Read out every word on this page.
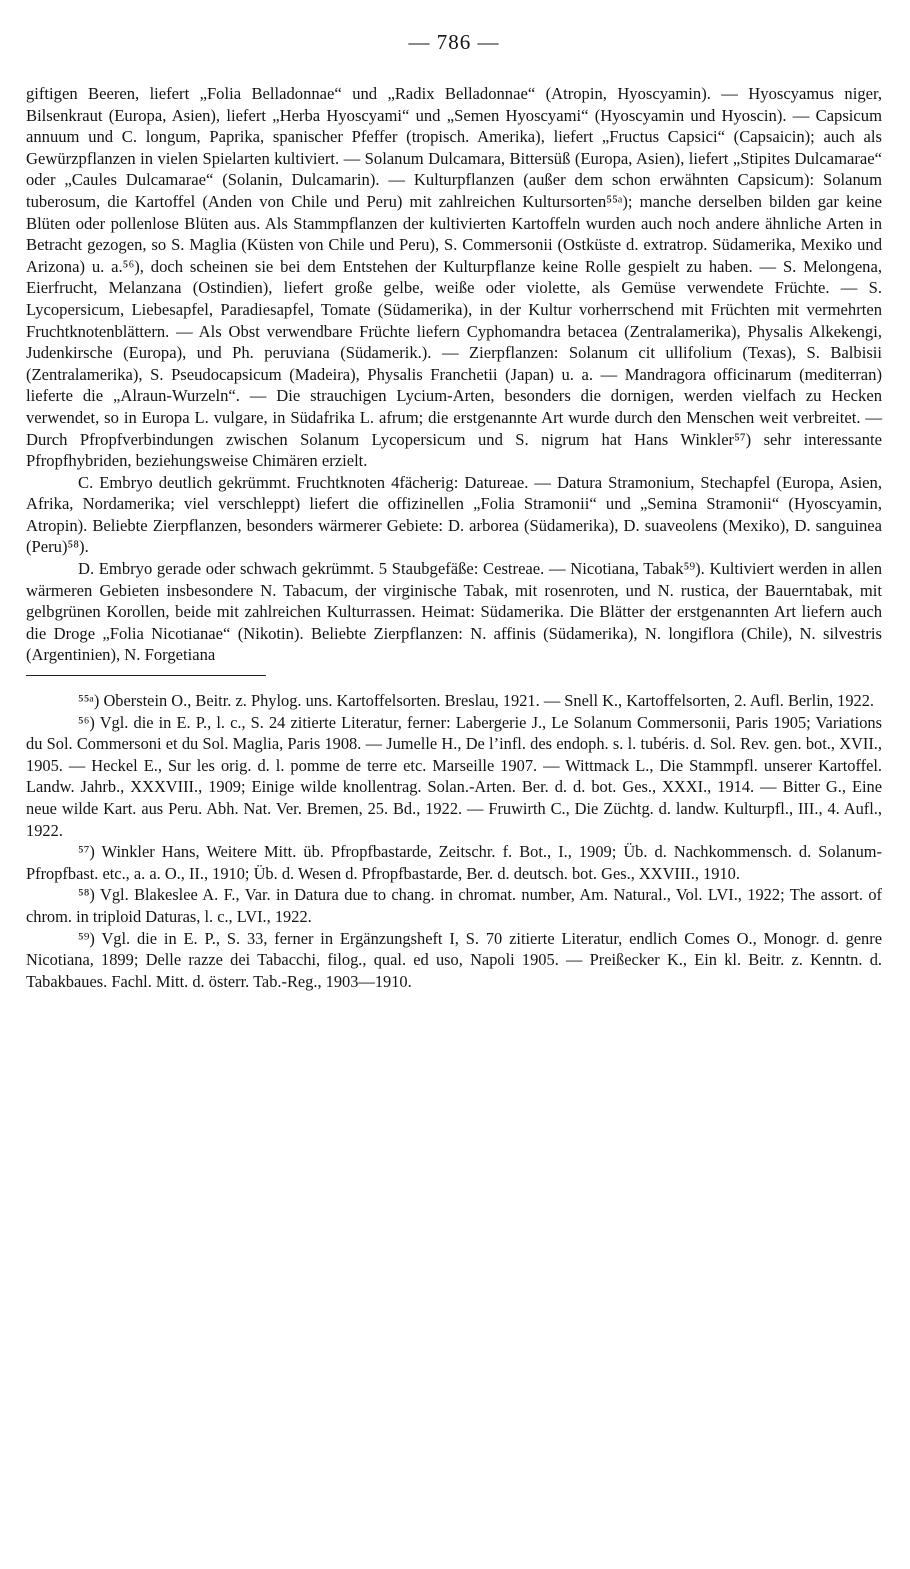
— 786 —

giftigen Beeren, liefert „Folia Belladonnae“ und „Radix Belladonnae“ (Atropin, Hyoscyamin). — Hyoscyamus niger, Bilsenkraut (Europa, Asien), liefert „Herba Hyoscyami“ und „Semen Hyoscyami“ (Hyoscyamin und Hyoscin). — Capsicum annuum und C. longum, Paprika, spanischer Pfeffer (tropisch. Amerika), liefert „Fructus Capsici“ (Capsaicin); auch als Gewürzpflanzen in vielen Spielarten kultiviert. — Solanum Dulcamara, Bittersüß (Europa, Asien), liefert „Stipites Dulcamarae“ oder „Caules Dulcamarae“ (Solanin, Dulcamarin). — Kulturpflanzen (außer dem schon erwähnten Capsicum): Solanum tuberosum, die Kartoffel (Anden von Chile und Peru) mit zahlreichen Kultursorten⁵⁵ᵃ); manche derselben bilden gar keine Blüten oder pollenlose Blüten aus. Als Stammpflanzen der kultivierten Kartoffeln wurden auch noch andere ähnliche Arten in Betracht gezogen, so S. Maglia (Küsten von Chile und Peru), S. Commersonii (Ostküste d. extratrop. Südamerika, Mexiko und Arizona) u. a.⁵⁶), doch scheinen sie bei dem Entstehen der Kulturpflanze keine Rolle gespielt zu haben. — S. Melongena, Eierfrucht, Melanzana (Ostindien), liefert große gelbe, weiße oder violette, als Gemüse verwendete Früchte. — S. Lycopersicum, Liebesapfel, Paradiesapfel, Tomate (Südamerika), in der Kultur vorherrschend mit Früchten mit vermehrten Fruchtknotenblättern. — Als Obst verwendbare Früchte liefern Cyphomandra betacea (Zentralamerika), Physalis Alkekengi, Judenkirsche (Europa), und Ph. peruviana (Südamerik.). — Zierpflanzen: Solanum cit ullifolium (Texas), S. Balbisii (Zentralamerika), S. Pseudocapsicum (Madeira), Physalis Franchetii (Japan) u. a. — Mandragora officinarum (mediterran) lieferte die „Alraun-Wurzeln“. — Die strauchigen Lycium-Arten, besonders die dornigen, werden vielfach zu Hecken verwendet, so in Europa L. vulgare, in Südafrika L. afrum; die erstgenannte Art wurde durch den Menschen weit verbreitet. — Durch Pfropfverbindungen zwischen Solanum Lycopersicum und S. nigrum hat Hans Winkler⁵⁷) sehr interessante Pfropfhybriden, beziehungsweise Chimären erzielt.

C. Embryo deutlich gekrümmt. Fruchtknoten 4fächerig: Datureae. — Datura Stramonium, Stechapfel (Europa, Asien, Afrika, Nordamerika; viel verschleppt) liefert die offizinellen „Folia Stramonii“ und „Semina Stramonii“ (Hyoscyamin, Atropin). Beliebte Zierpflanzen, besonders wärmerer Gebiete: D. arborea (Südamerika), D. suaveolens (Mexiko), D. sanguinea (Peru)⁵⁸).

D. Embryo gerade oder schwach gekrümmt. 5 Staubgefäße: Cestreae. — Nicotiana, Tabak⁵⁹). Kultiviert werden in allen wärmeren Gebieten insbesondere N. Tabacum, der virginische Tabak, mit rosenroten, und N. rustica, der Bauerntabak, mit gelbgrünen Korollen, beide mit zahlreichen Kulturrassen. Heimat: Südamerika. Die Blätter der erstgenannten Art liefern auch die Droge „Folia Nicotianae“ (Nikotin). Beliebte Zierpflanzen: N. affinis (Südamerika), N. longiflora (Chile), N. silvestris (Argentinien), N. Forgetiana

⁵⁵ᵃ) Oberstein O., Beitr. z. Phylog. uns. Kartoffelsorten. Breslau, 1921. — Snell K., Kartoffelsorten, 2. Aufl. Berlin, 1922.

⁵⁶) Vgl. die in E. P., l. c., S. 24 zitierte Literatur, ferner: Labergerie J., Le Solanum Commersonii, Paris 1905; Variations du Sol. Commersoni et du Sol. Maglia, Paris 1908. — Jumelle H., De l’infl. des endoph. s. l. tubéris. d. Sol. Rev. gen. bot., XVII., 1905. — Heckel E., Sur les orig. d. l. pomme de terre etc. Marseille 1907. — Wittmack L., Die Stammpfl. unserer Kartoffel. Landw. Jahrb., XXXVIII., 1909; Einige wilde knollentrag. Solan.-Arten. Ber. d. d. bot. Ges., XXXI., 1914. — Bitter G., Eine neue wilde Kart. aus Peru. Abh. Nat. Ver. Bremen, 25. Bd., 1922. — Fruwirth C., Die Züchtg. d. landw. Kulturpfl., III., 4. Aufl., 1922.

⁵⁷) Winkler Hans, Weitere Mitt. üb. Pfropfbastarde, Zeitschr. f. Bot., I., 1909; Üb. d. Nachkommensch. d. Solanum-Pfropfbast. etc., a. a. O., II., 1910; Üb. d. Wesen d. Pfropfbastarde, Ber. d. deutsch. bot. Ges., XXVIII., 1910.

⁵⁸) Vgl. Blakeslee A. F., Var. in Datura due to chang. in chromat. number, Am. Natural., Vol. LVI., 1922; The assort. of chrom. in triploid Daturas, l. c., LVI., 1922.

⁵⁹) Vgl. die in E. P., S. 33, ferner in Ergänzungsheft I, S. 70 zitierte Literatur, endlich Comes O., Monogr. d. genre Nicotiana, 1899; Delle razze dei Tabacchi, filog., qual. ed uso, Napoli 1905. — Preißecker K., Ein kl. Beitr. z. Kenntn. d. Tabakbaues. Fachl. Mitt. d. österr. Tab.-Reg., 1903—1910.
